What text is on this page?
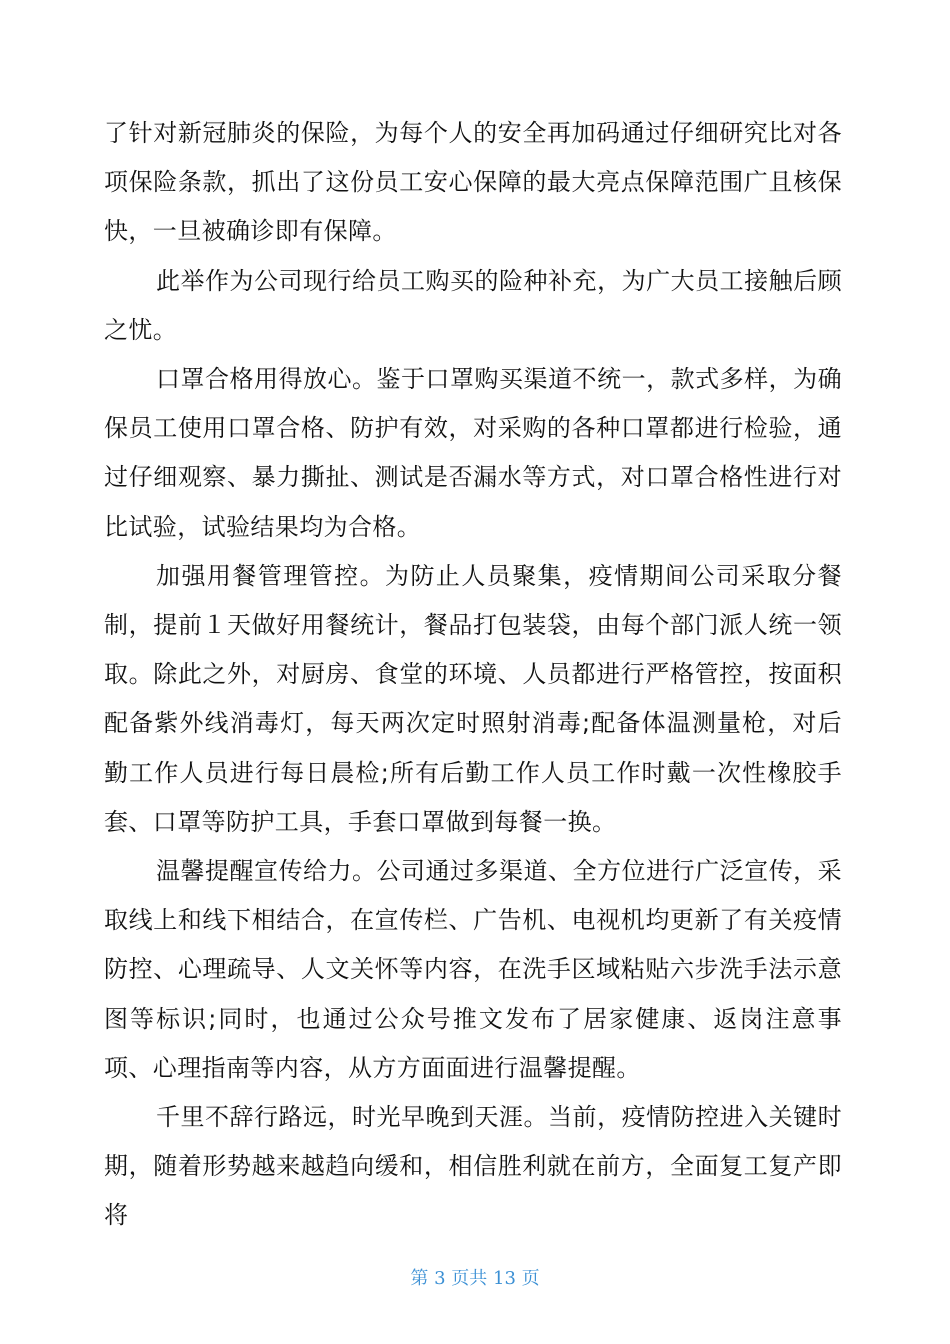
了针对新冠肺炎的保险，为每个人的安全再加码通过仔细研究比对各项保险条款，抓出了这份员工安心保障的最大亮点保障范围广且核保快，一旦被确诊即有保障。

此举作为公司现行给员工购买的险种补充，为广大员工接触后顾之忧。

口罩合格用得放心。鉴于口罩购买渠道不统一，款式多样，为确保员工使用口罩合格、防护有效，对采购的各种口罩都进行检验，通过仔细观察、暴力撕扯、测试是否漏水等方式，对口罩合格性进行对比试验，试验结果均为合格。

加强用餐管理管控。为防止人员聚集，疫情期间公司采取分餐制，提前１天做好用餐统计，餐品打包装袋，由每个部门派人统一领取。除此之外，对厨房、食堂的环境、人员都进行严格管控，按面积配备紫外线消毒灯，每天两次定时照射消毒;配备体温测量枪，对后勤工作人员进行每日晨检;所有后勤工作人员工作时戴一次性橡胶手套、口罩等防护工具，手套口罩做到每餐一换。

温馨提醒宣传给力。公司通过多渠道、全方位进行广泛宣传，采取线上和线下相结合，在宣传栏、广告机、电视机均更新了有关疫情防控、心理疏导、人文关怀等内容，在洗手区域粘贴六步洗手法示意图等标识;同时，也通过公众号推文发布了居家健康、返岗注意事项、心理指南等内容，从方方面面进行温馨提醒。

千里不辞行路远，时光早晚到天涯。当前，疫情防控进入关键时期，随着形势越来越趋向缓和，相信胜利就在前方，全面复工复产即将

第 3 页共 13 页
